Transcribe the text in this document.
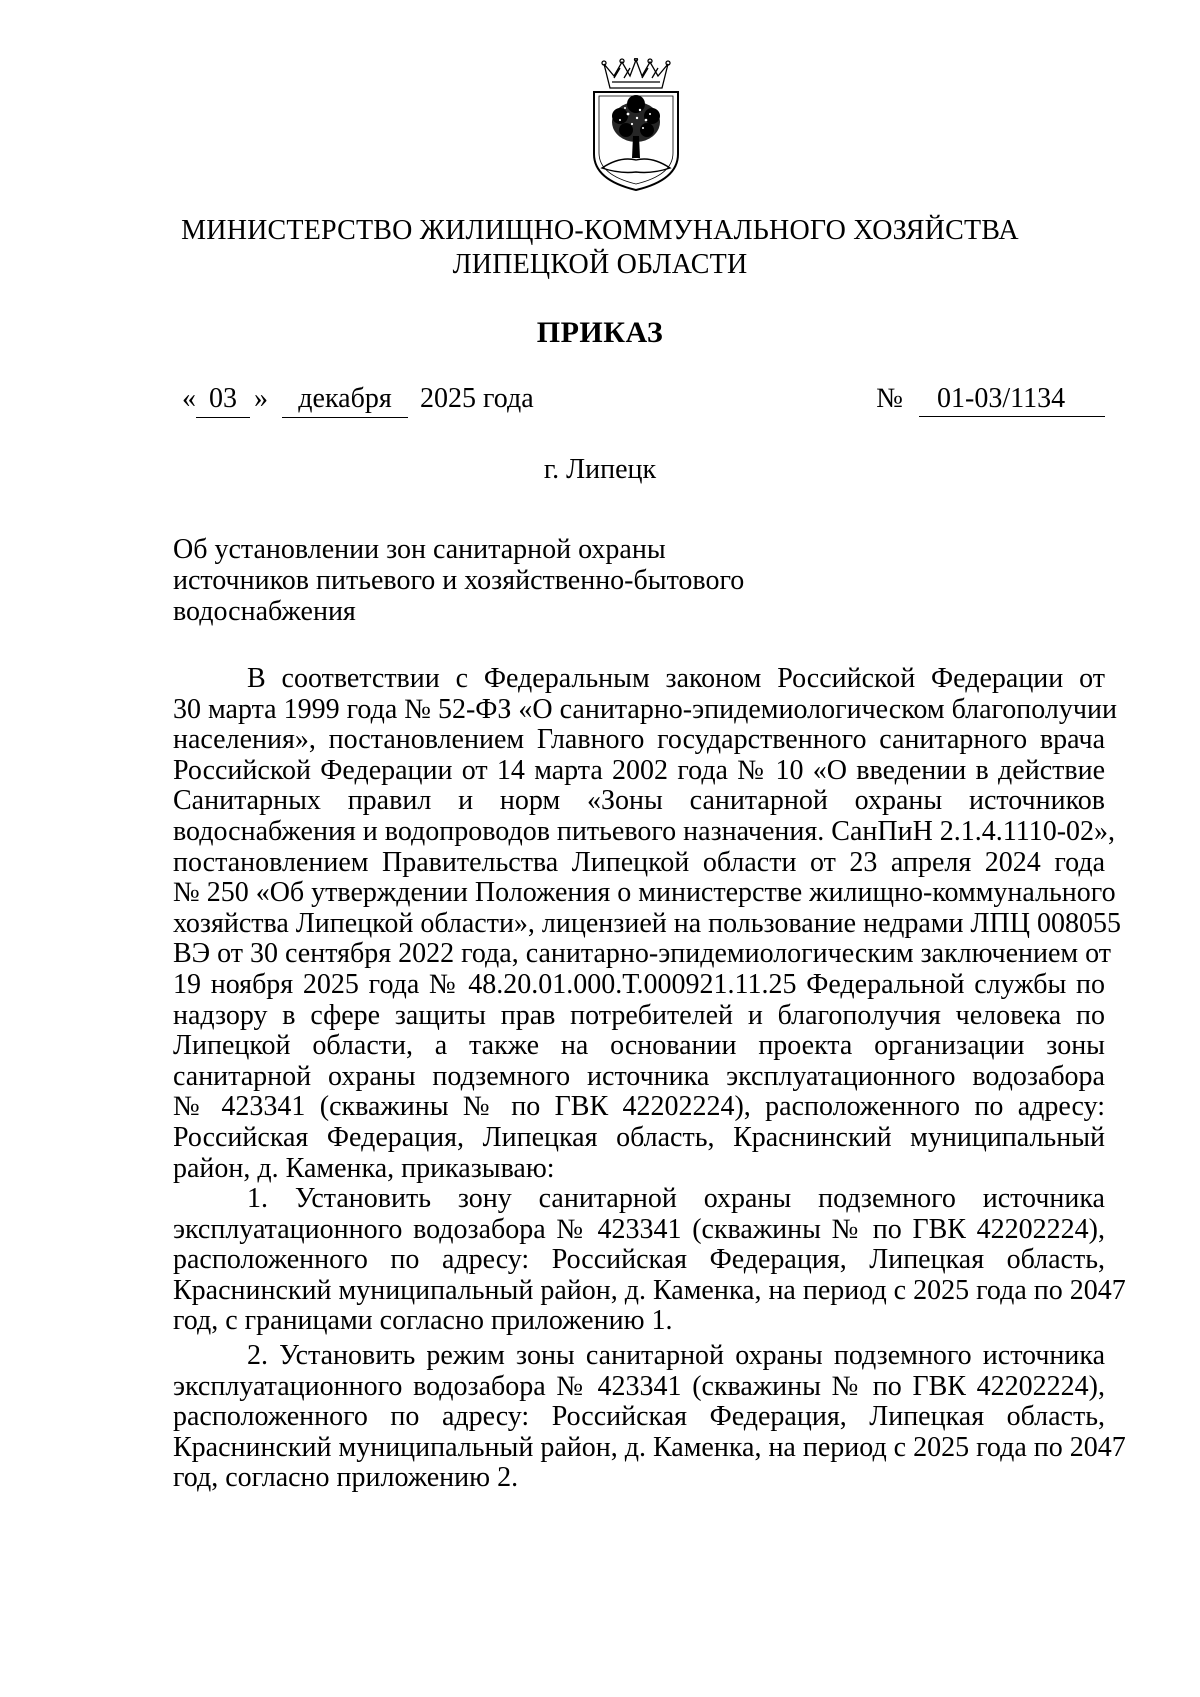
МИНИСТЕРСТВО ЖИЛИЩНО-КОММУНАЛЬНОГО ХОЗЯЙСТВА
ЛИПЕЦКОЙ ОБЛАСТИ
ПРИКАЗ
« 03 »	декабря	2025 года	№	01-03/1134
г. Липецк
Об установлении зон санитарной охраны
источников питьевого и хозяйственно-бытового
водоснабжения
В соответствии с Федеральным законом Российской Федерации от
30 марта 1999 года № 52-ФЗ «О санитарно-эпидемиологическом благополучии
населения», постановлением Главного государственного санитарного врача
Российской Федерации от 14 марта 2002 года № 10 «О введении в действие
Санитарных правил и норм «Зоны санитарной охраны источников
водоснабжения и водопроводов питьевого назначения. СанПиН 2.1.4.1110-02»,
постановлением Правительства Липецкой области от 23 апреля 2024 года
№ 250 «Об утверждении Положения о министерстве жилищно-коммунального
хозяйства Липецкой области», лицензией на пользование недрами ЛПЦ 008055
ВЭ от 30 сентября 2022 года, санитарно-эпидемиологическим заключением от
19 ноября 2025 года № 48.20.01.000.Т.000921.11.25 Федеральной службы по
надзору в сфере защиты прав потребителей и благополучия человека по
Липецкой области, а также на основании проекта организации зоны
санитарной охраны подземного источника эксплуатационного водозабора
№ 423341 (скважины № по ГВК 42202224), расположенного по адресу:
Российская Федерация, Липецкая область, Краснинский муниципальный
район, д. Каменка, приказываю:
1. Установить зону санитарной охраны подземного источника
эксплуатационного водозабора № 423341 (скважины № по ГВК 42202224),
расположенного по адресу: Российская Федерация, Липецкая область,
Краснинский муниципальный район, д. Каменка, на период с 2025 года по 2047
год, с границами согласно приложению 1.
2. Установить режим зоны санитарной охраны подземного источника
эксплуатационного водозабора № 423341 (скважины № по ГВК 42202224),
расположенного по адресу: Российская Федерация, Липецкая область,
Краснинский муниципальный район, д. Каменка, на период с 2025 года по 2047
год, согласно приложению 2.
